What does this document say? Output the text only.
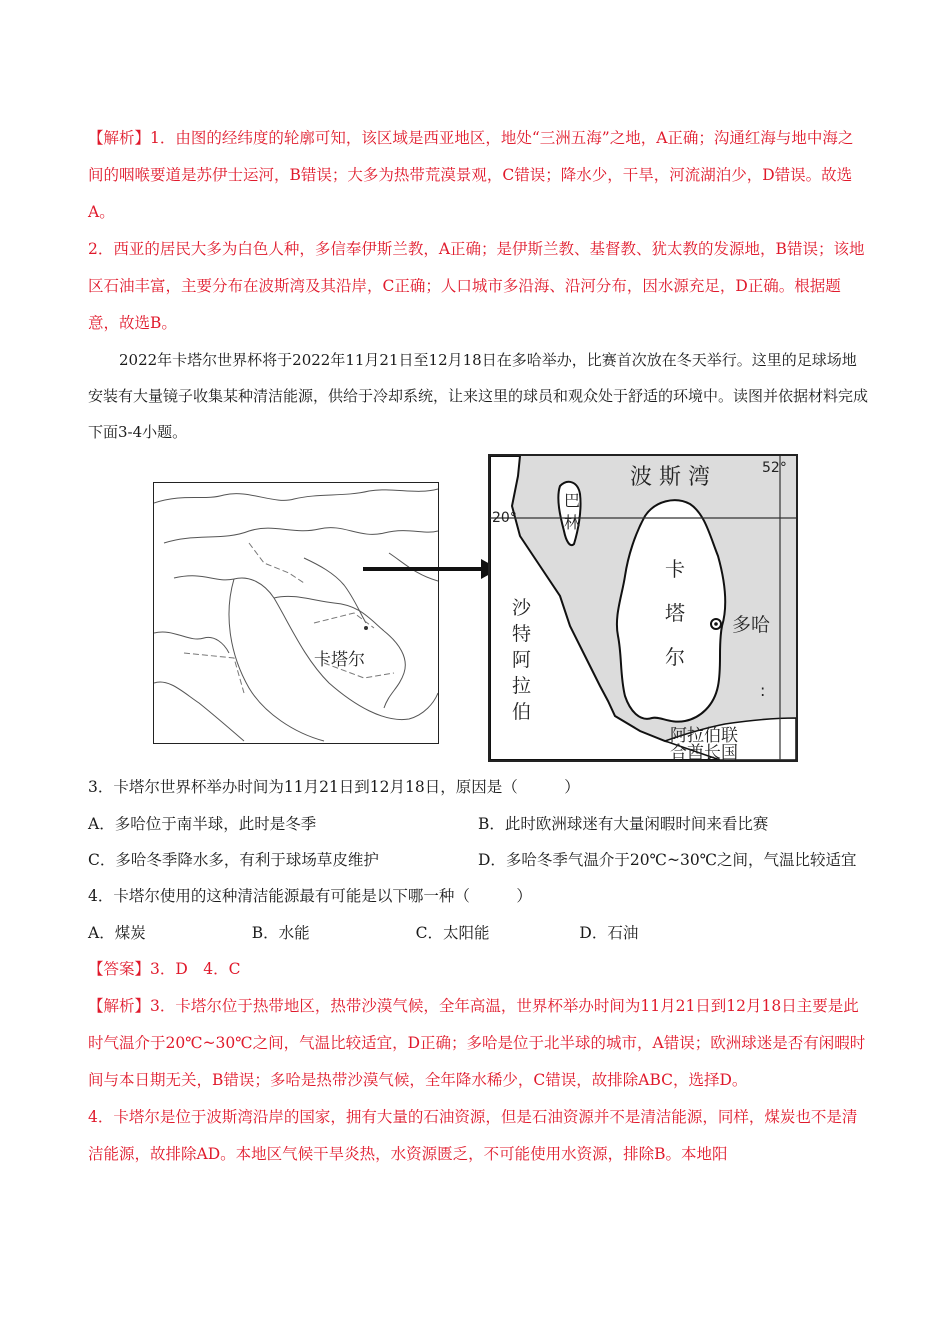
【解析】1．由图的经纬度的轮廓可知，该区域是西亚地区，地处“三洲五海”之地，A正确；沟通红海与地中海之间的咽喉要道是苏伊士运河，B错误；大多为热带荒漠景观，C错误；降水少，干旱，河流湖泊少，D错误。故选A。

2．西亚的居民大多为白色人种，多信奉伊斯兰教，A正确；是伊斯兰教、基督教、犹太教的发源地，B错误；该地区石油丰富，主要分布在波斯湾及其沿岸，C正确；人口城市多沿海、沿河分布，因水源充足，D正确。根据题意，故选B。

2022年卡塔尔世界杯将于2022年11月21日至12月18日在多哈举办，比赛首次放在冬天举行。这里的足球场地安装有大量镜子收集某种清洁能源，供给于冷却系统，让来这里的球员和观众处于舒适的环境中。读图并依据材料完成下面3-4小题。

卡塔尔
波 斯 湾	52°
20°
多哈
巴林
卡塔尔
沙特阿拉伯
阿拉伯联
合酋长国
:

3．卡塔尔世界杯举办时间为11月21日到12月18日，原因是（　　　）

A．多哈位于南半球，此时是冬季	B．此时欧洲球迷有大量闲暇时间来看比赛
C．多哈冬季降水多，有利于球场草皮维护	D．多哈冬季气温介于20℃~30℃之间，气温比较适宜

4．卡塔尔使用的这种清洁能源最有可能是以下哪一种（　　　）

A．煤炭	B．水能	C．太阳能	D．石油

【答案】3．D　4．C

【解析】3．卡塔尔位于热带地区，热带沙漠气候，全年高温，世界杯举办时间为11月21日到12月18日主要是此时气温介于20℃~30℃之间，气温比较适宜，D正确；多哈是位于北半球的城市，A错误；欧洲球迷是否有闲暇时间与本日期无关，B错误；多哈是热带沙漠气候，全年降水稀少，C错误，故排除ABC，选择D。

4．卡塔尔是位于波斯湾沿岸的国家，拥有大量的石油资源，但是石油资源并不是清洁能源，同样，煤炭也不是清洁能源，故排除AD。本地区气候干旱炎热，水资源匮乏，不可能使用水资源，排除B。本地阳
